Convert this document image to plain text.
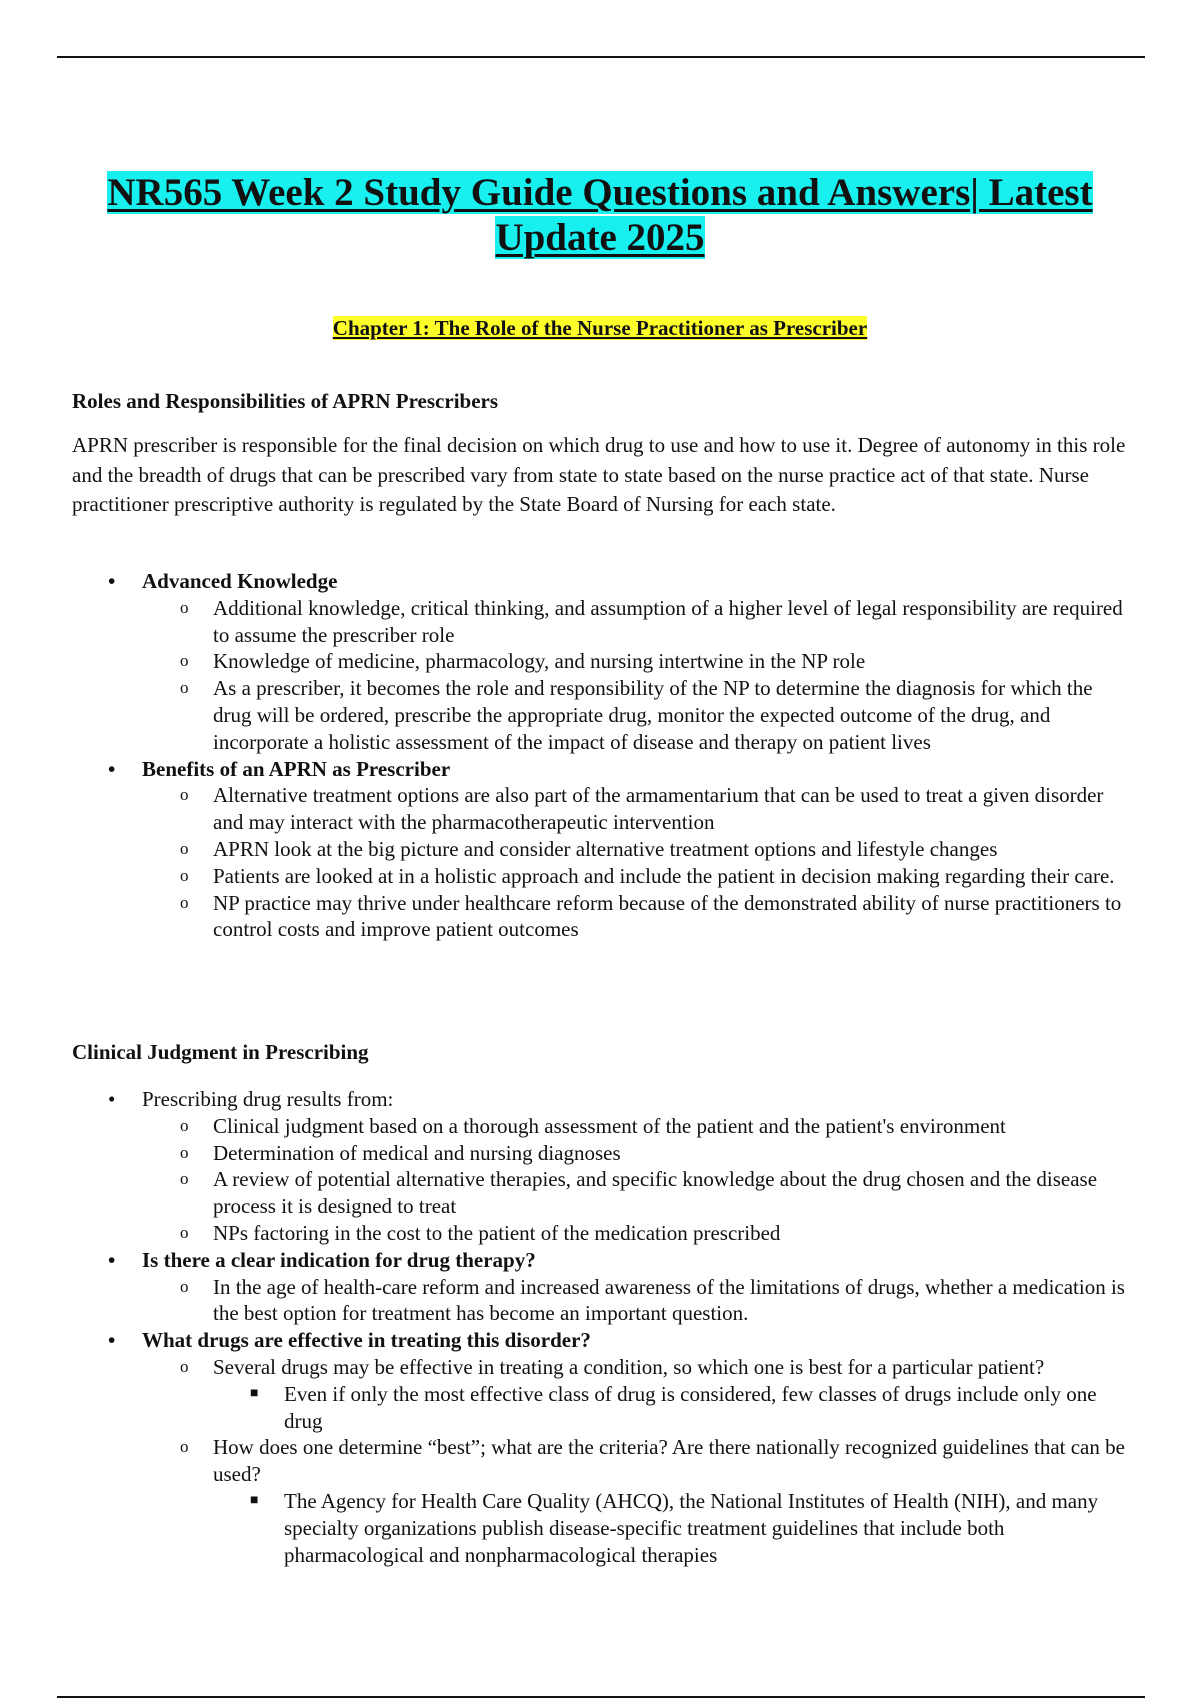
NR565 Week 2 Study Guide Questions and Answers| Latest
Update 2025
Chapter 1: The Role of the Nurse Practitioner as Prescriber
Roles and Responsibilities of APRN Prescribers

APRN prescriber is responsible for the final decision on which drug to use and how to use it. Degree of autonomy in this role and the breadth of drugs that can be prescribed vary from state to state based on the nurse practice act of that state. Nurse practitioner prescriptive authority is regulated by the State Board of Nursing for each state.

• Advanced Knowledge
o Additional knowledge, critical thinking, and assumption of a higher level of legal responsibility are required to assume the prescriber role
o Knowledge of medicine, pharmacology, and nursing intertwine in the NP role
o As a prescriber, it becomes the role and responsibility of the NP to determine the diagnosis for which the drug will be ordered, prescribe the appropriate drug, monitor the expected outcome of the drug, and incorporate a holistic assessment of the impact of disease and therapy on patient lives
• Benefits of an APRN as Prescriber
o Alternative treatment options are also part of the armamentarium that can be used to treat a given disorder and may interact with the pharmacotherapeutic intervention
o APRN look at the big picture and consider alternative treatment options and lifestyle changes
o Patients are looked at in a holistic approach and include the patient in decision making regarding their care.
o NP practice may thrive under healthcare reform because of the demonstrated ability of nurse practitioners to control costs and improve patient outcomes
Clinical Judgment in Prescribing
• Prescribing drug results from:
o Clinical judgment based on a thorough assessment of the patient and the patient's environment
o Determination of medical and nursing diagnoses
o A review of potential alternative therapies, and specific knowledge about the drug chosen and the disease process it is designed to treat
o NPs factoring in the cost to the patient of the medication prescribed
• Is there a clear indication for drug therapy?
o In the age of health-care reform and increased awareness of the limitations of drugs, whether a medication is the best option for treatment has become an important question.
• What drugs are effective in treating this disorder?
o Several drugs may be effective in treating a condition, so which one is best for a particular patient?
■ Even if only the most effective class of drug is considered, few classes of drugs include only one drug
o How does one determine “best”; what are the criteria? Are there nationally recognized guidelines that can be used?
■ The Agency for Health Care Quality (AHCQ), the National Institutes of Health (NIH), and many specialty organizations publish disease-specific treatment guidelines that include both pharmacological and nonpharmacological therapies
